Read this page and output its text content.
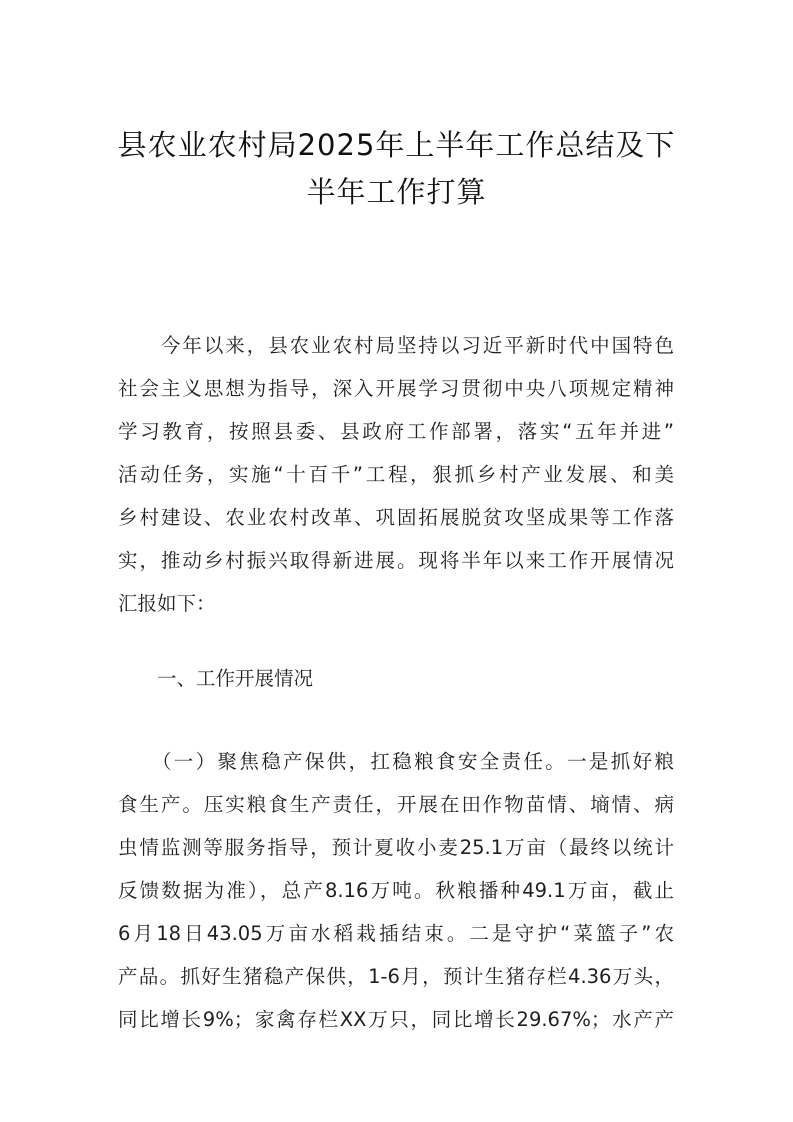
县农业农村局2025年上半年工作总结及下
半年工作打算
　　今年以来，县农业农村局坚持以习近平新时代中国特色
社会主义思想为指导，深入开展学习贯彻中央八项规定精神
学习教育，按照县委、县政府工作部署，落实“五年并进”
活动任务，实施“十百千”工程，狠抓乡村产业发展、和美
乡村建设、农业农村改革、巩固拓展脱贫攻坚成果等工作落
实，推动乡村振兴取得新进展。现将半年以来工作开展情况
汇报如下：
　　一、工作开展情况
　　（一）聚焦稳产保供，扛稳粮食安全责任。一是抓好粮
食生产。压实粮食生产责任，开展在田作物苗情、墒情、病
虫情监测等服务指导，预计夏收小麦25.1万亩（最终以统计
反馈数据为准），总产8.16万吨。秋粮播种49.1万亩，截止
6月18日43.05万亩水稻栽插结束。二是守护“菜篮子”农
产品。抓好生猪稳产保供，1-6月，预计生猪存栏4.36万头，
同比增长9%；家禽存栏XX万只，同比增长29.67%；水产产
